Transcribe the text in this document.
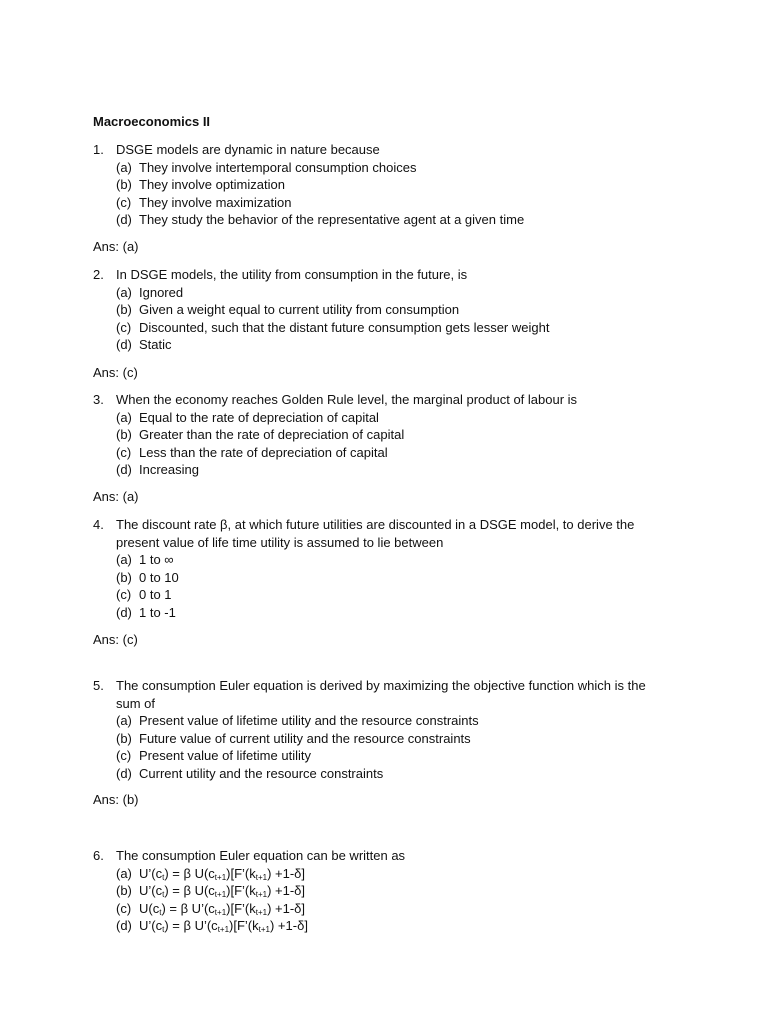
Macroeconomics II
1. DSGE models are dynamic in nature because
(a) They involve intertemporal consumption choices
(b) They involve optimization
(c) They involve maximization
(d) They study the behavior of the representative agent at a given time
Ans: (a)
2. In DSGE models, the utility from consumption in the future, is
(a) Ignored
(b) Given a weight equal to current utility from consumption
(c) Discounted, such that the distant future consumption gets lesser weight
(d) Static
Ans: (c)
3. When the economy reaches Golden Rule level, the marginal product of labour is
(a) Equal to the rate of depreciation of capital
(b) Greater than the rate of depreciation of capital
(c) Less than the rate of depreciation of capital
(d) Increasing
Ans: (a)
4. The discount rate β, at which future utilities are discounted in a DSGE model, to derive the present value of life time utility is assumed to lie between
(a) 1 to ∞
(b) 0 to 10
(c) 0 to 1
(d) 1 to -1
Ans: (c)
5. The consumption Euler equation is derived by maximizing the objective function which is the sum of
(a) Present value of lifetime utility and the resource constraints
(b) Future value of current utility and the resource constraints
(c) Present value of lifetime utility
(d) Current utility and the resource constraints
Ans: (b)
6. The consumption Euler equation can be written as
(a) $U’(c_t) = \beta$ $U(c_{t+1})[F’(k_{t+1}) +1-\delta]$
(b) $U’(c_t) = \beta$ $U(c_{t+1})[F’(k_{t+1}) +1-\delta]$
(c) $U(c_t) = \beta$ $U’(c_{t+1})[F’(k_{t+1}) +1-\delta]$
(d) $U’(c_t) = \beta$ $U’(c_{t+1})[F’(k_{t+1}) +1-\delta]$
